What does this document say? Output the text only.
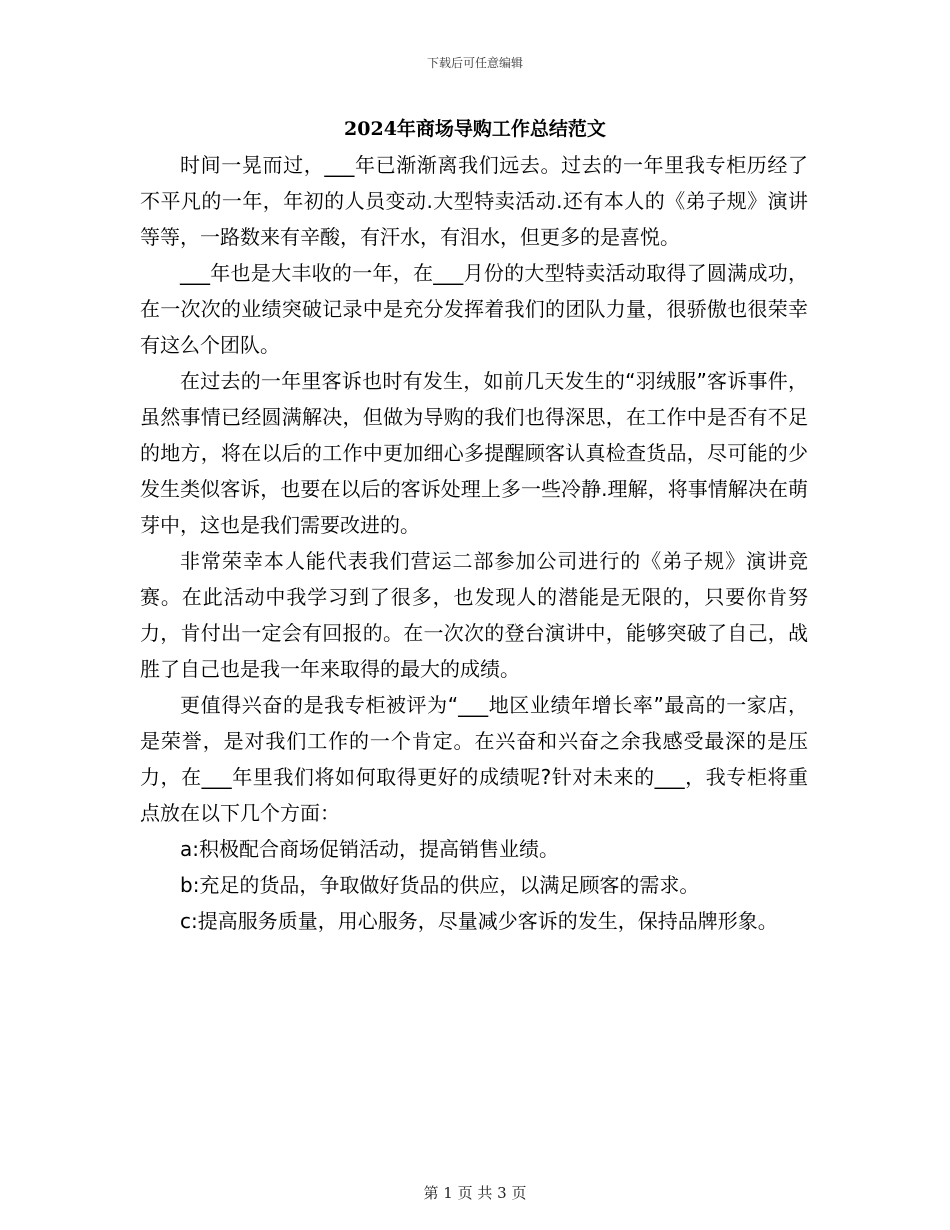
下载后可任意编辑
2024年商场导购工作总结范文

时间一晃而过，___年已渐渐离我们远去。过去的一年里我专柜历经了不平凡的一年，年初的人员变动.大型特卖活动.还有本人的《弟子规》演讲等等，一路数来有辛酸，有汗水，有泪水，但更多的是喜悦。

___年也是大丰收的一年，在___月份的大型特卖活动取得了圆满成功，在一次次的业绩突破记录中是充分发挥着我们的团队力量，很骄傲也很荣幸有这么个团队。

在过去的一年里客诉也时有发生，如前几天发生的“羽绒服”客诉事件，虽然事情已经圆满解决，但做为导购的我们也得深思，在工作中是否有不足的地方，将在以后的工作中更加细心多提醒顾客认真检查货品，尽可能的少发生类似客诉，也要在以后的客诉处理上多一些冷静.理解，将事情解决在萌芽中，这也是我们需要改进的。

非常荣幸本人能代表我们营运二部参加公司进行的《弟子规》演讲竞赛。在此活动中我学习到了很多，也发现人的潜能是无限的，只要你肯努力，肯付出一定会有回报的。在一次次的登台演讲中，能够突破了自己，战胜了自己也是我一年来取得的最大的成绩。

更值得兴奋的是我专柜被评为“___地区业绩年增长率”最高的一家店，是荣誉，是对我们工作的一个肯定。在兴奋和兴奋之余我感受最深的是压力，在___年里我们将如何取得更好的成绩呢?针对未来的___，我专柜将重点放在以下几个方面：

a:积极配合商场促销活动，提高销售业绩。

b:充足的货品，争取做好货品的供应，以满足顾客的需求。

c:提高服务质量，用心服务，尽量减少客诉的发生，保持品牌形象。

第 1 页 共 3 页
